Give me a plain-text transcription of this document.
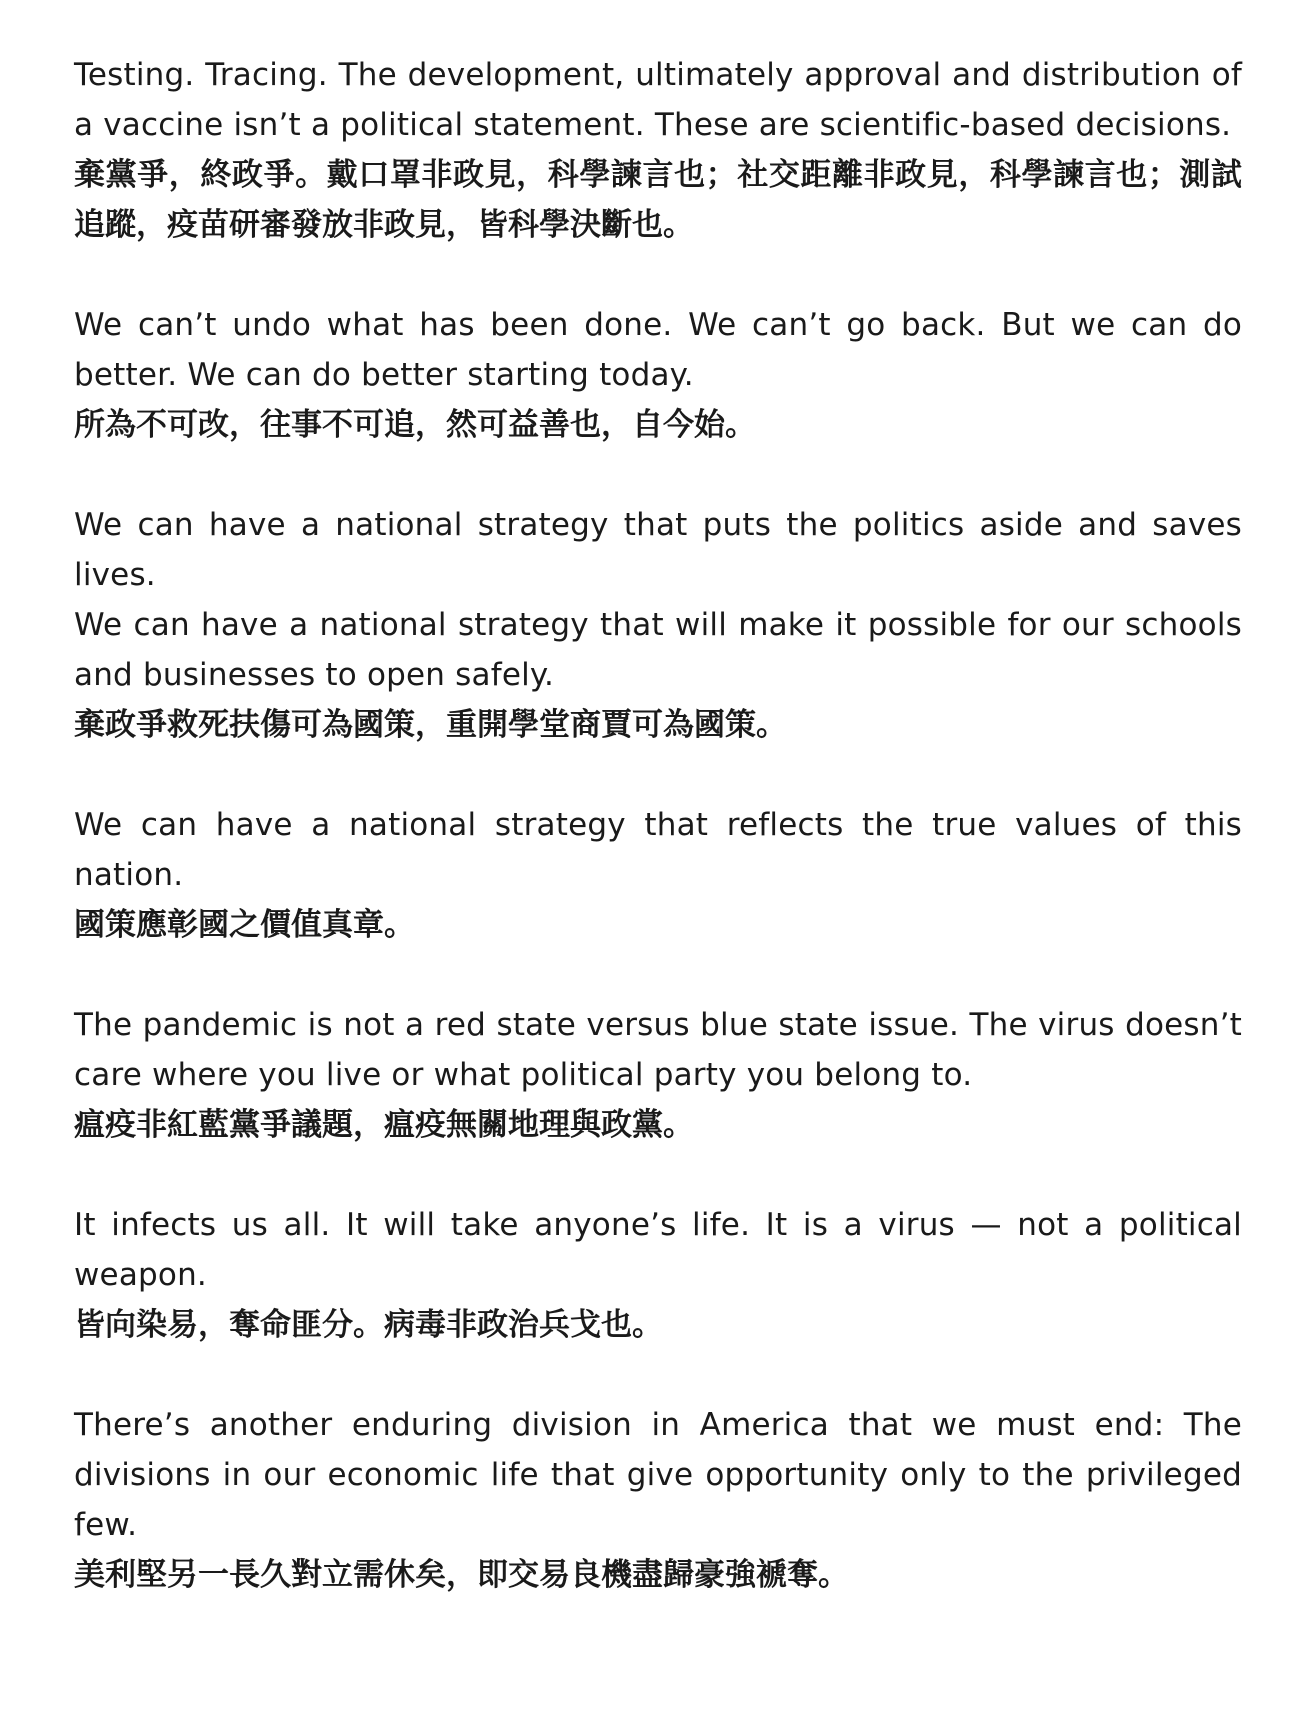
Testing. Tracing. The development, ultimately approval and distribution of a vaccine isn’t a political statement. These are scientific-based decisions.

棄黨爭，終政爭。戴口罩非政見，科學諫言也；社交距離非政見，科學諫言也；測試追蹤，疫苗研審發放非政見，皆科學決斷也。

We can’t undo what has been done. We can’t go back. But we can do better. We can do better starting today.

所為不可改，往事不可追，然可益善也，自今始。

We can have a national strategy that puts the politics aside and saves lives.

We can have a national strategy that will make it possible for our schools and businesses to open safely.

棄政爭救死扶傷可為國策，重開學堂商賈可為國策。

We can have a national strategy that reflects the true values of this nation.

國策應彰國之價值真章。

The pandemic is not a red state versus blue state issue. The virus doesn’t care where you live or what political party you belong to.

瘟疫非紅藍黨爭議題，瘟疫無關地理與政黨。

It infects us all. It will take anyone’s life. It is a virus — not a political weapon.

皆向染易，奪命匪分。病毒非政治兵戈也。

There’s another enduring division in America that we must end: The divisions in our economic life that give opportunity only to the privileged few.

美利堅另一長久對立需休矣，即交易良機盡歸豪強褫奪。
